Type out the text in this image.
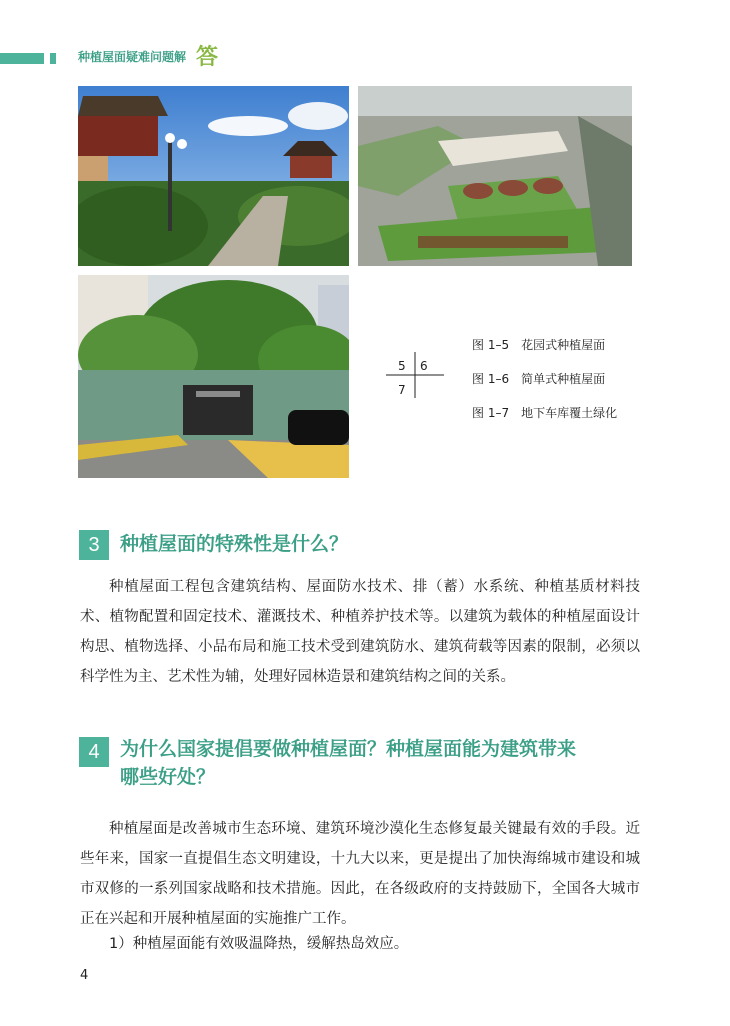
种植屋面疑难问题解 答
5 6
7
图 1–5　花园式种植屋面
图 1–6　简单式种植屋面
图 1–7　地下车库覆土绿化
3	种植屋面的特殊性是什么？
种植屋面工程包含建筑结构、屋面防水技术、排（蓄）水系统、种植基质材料技术、植物配置和固定技术、灌溉技术、种植养护技术等。以建筑为载体的种植屋面设计构思、植物选择、小品布局和施工技术受到建筑防水、建筑荷载等因素的限制，必须以科学性为主、艺术性为辅，处理好园林造景和建筑结构之间的关系。
4	为什么国家提倡要做种植屋面？种植屋面能为建筑带来
哪些好处？
种植屋面是改善城市生态环境、建筑环境沙漠化生态修复最关键最有效的手段。近些年来，国家一直提倡生态文明建设，十九大以来，更是提出了加快海绵城市建设和城市双修的一系列国家战略和技术措施。因此，在各级政府的支持鼓励下，全国各大城市正在兴起和开展种植屋面的实施推广工作。
1）种植屋面能有效吸温降热，缓解热岛效应。
4
